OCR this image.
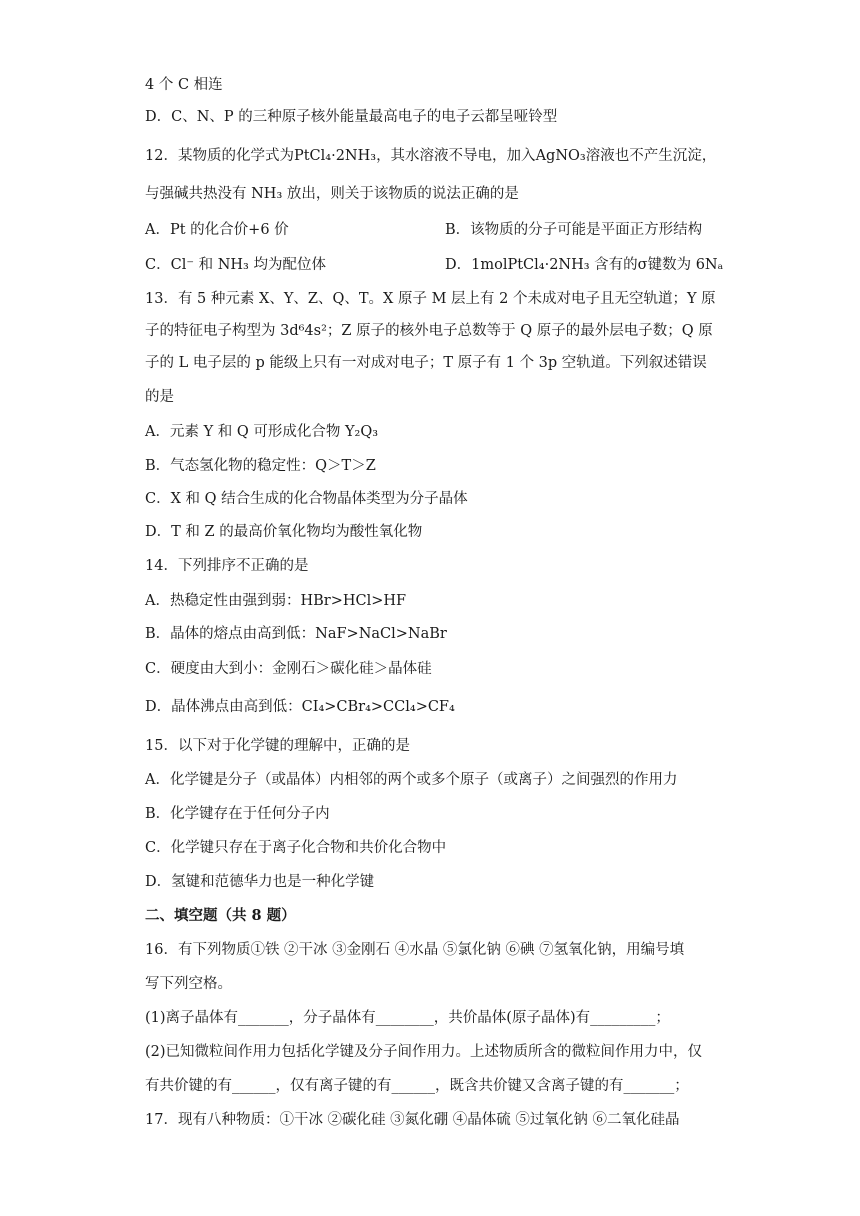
4 个 C 相连
D．C、N、P 的三种原子核外能量最高电子的电子云都呈哑铃型
12．某物质的化学式为PtCl₄·2NH₃，其水溶液不导电，加入AgNO₃溶液也不产生沉淀，
与强碱共热没有 NH₃ 放出，则关于该物质的说法正确的是
A．Pt 的化合价+6 价	B．该物质的分子可能是平面正方形结构
C．Cl⁻ 和 NH₃ 均为配位体	D．1molPtCl₄·2NH₃ 含有的σ键数为 6Nₐ
13．有 5 种元素 X、Y、Z、Q、T。X 原子 M 层上有 2 个未成对电子且无空轨道；Y 原
子的特征电子构型为 3d⁶4s²；Z 原子的核外电子总数等于 Q 原子的最外层电子数；Q 原
子的 L 电子层的 p 能级上只有一对成对电子；T 原子有 1 个 3p 空轨道。下列叙述错误
的是
A．元素 Y 和 Q 可形成化合物 Y₂Q₃
B．气态氢化物的稳定性：Q＞T＞Z
C．X 和 Q 结合生成的化合物晶体类型为分子晶体
D．T 和 Z 的最高价氧化物均为酸性氧化物
14．下列排序不正确的是
A．热稳定性由强到弱：HBr>HCl>HF
B．晶体的熔点由高到低：NaF>NaCl>NaBr
C．硬度由大到小：金刚石＞碳化硅＞晶体硅
D．晶体沸点由高到低：CI₄>CBr₄>CCl₄>CF₄
15．以下对于化学键的理解中，正确的是
A．化学键是分子（或晶体）内相邻的两个或多个原子（或离子）之间强烈的作用力
B．化学键存在于任何分子内
C．化学键只存在于离子化合物和共价化合物中
D．氢键和范德华力也是一种化学键
二、填空题（共 8 题）
16．有下列物质①铁 ②干冰 ③金刚石 ④水晶 ⑤氯化钠 ⑥碘 ⑦氢氧化钠，用编号填
写下列空格。
(1)离子晶体有_______，分子晶体有________，共价晶体(原子晶体)有_________；
(2)已知微粒间作用力包括化学键及分子间作用力。上述物质所含的微粒间作用力中，仅
有共价键的有______，仅有离子键的有______，既含共价键又含离子键的有_______；
17．现有八种物质：①干冰 ②碳化硅 ③氮化硼 ④晶体硫 ⑤过氧化钠 ⑥二氧化硅晶
